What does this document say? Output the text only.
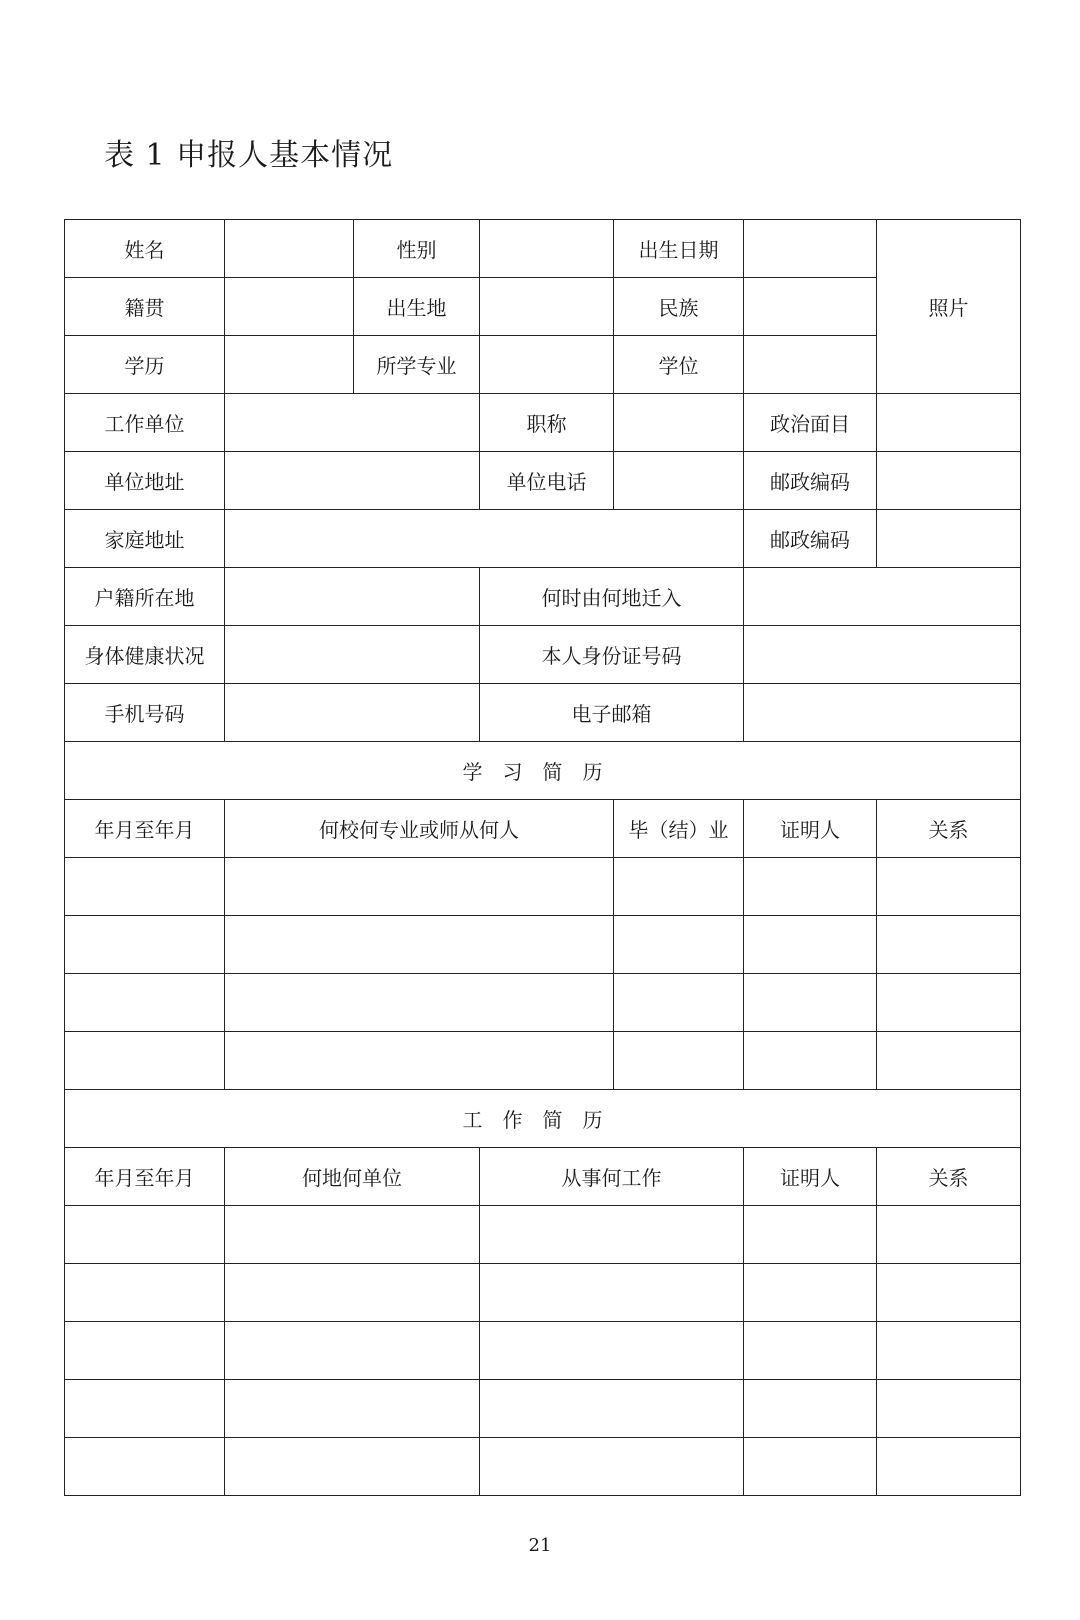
表 1 申报人基本情况
姓名		性别		出生日期		照片
籍贯		出生地		民族		
学历		所学专业		学位		
工作单位			职称		政治面目	
单位地址			单位电话		邮政编码	
家庭地址					邮政编码	
户籍所在地			何时由何地迁入			
身体健康状况			本人身份证号码			
手机号码			电子邮箱			
学习简历						
年月至年月	何校何专业或师从何人			毕（结）业	证明人	关系

工作简历						
年月至年月	何地何单位		从事何工作		证明人	关系

21
